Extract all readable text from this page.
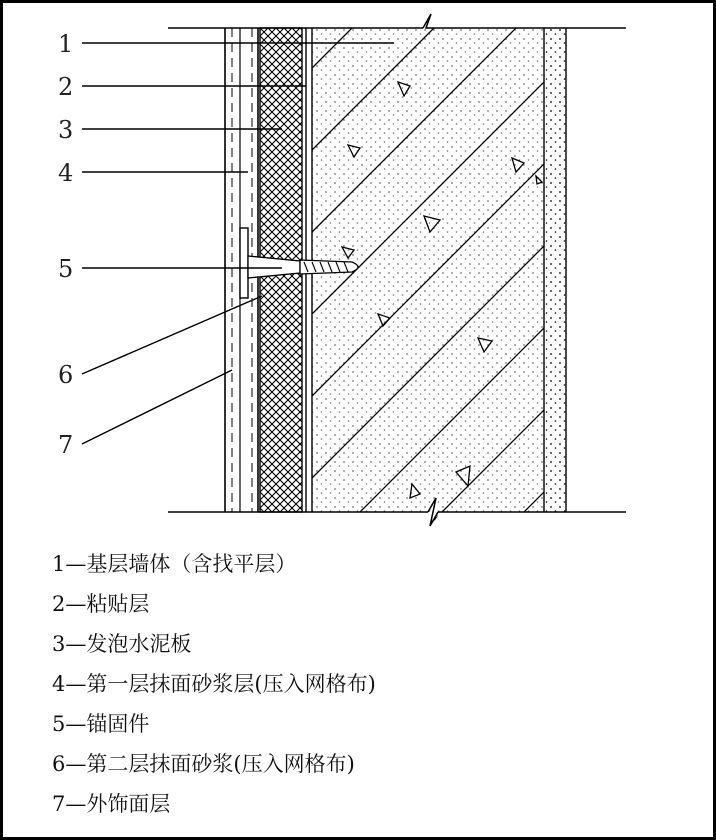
1
2
3
4
5
6
7
1—基层墙体（含找平层）
2—粘贴层
3—发泡水泥板
4—第一层抹面砂浆层(压入网格布)
5—锚固件
6—第二层抹面砂浆(压入网格布)
7—外饰面层
